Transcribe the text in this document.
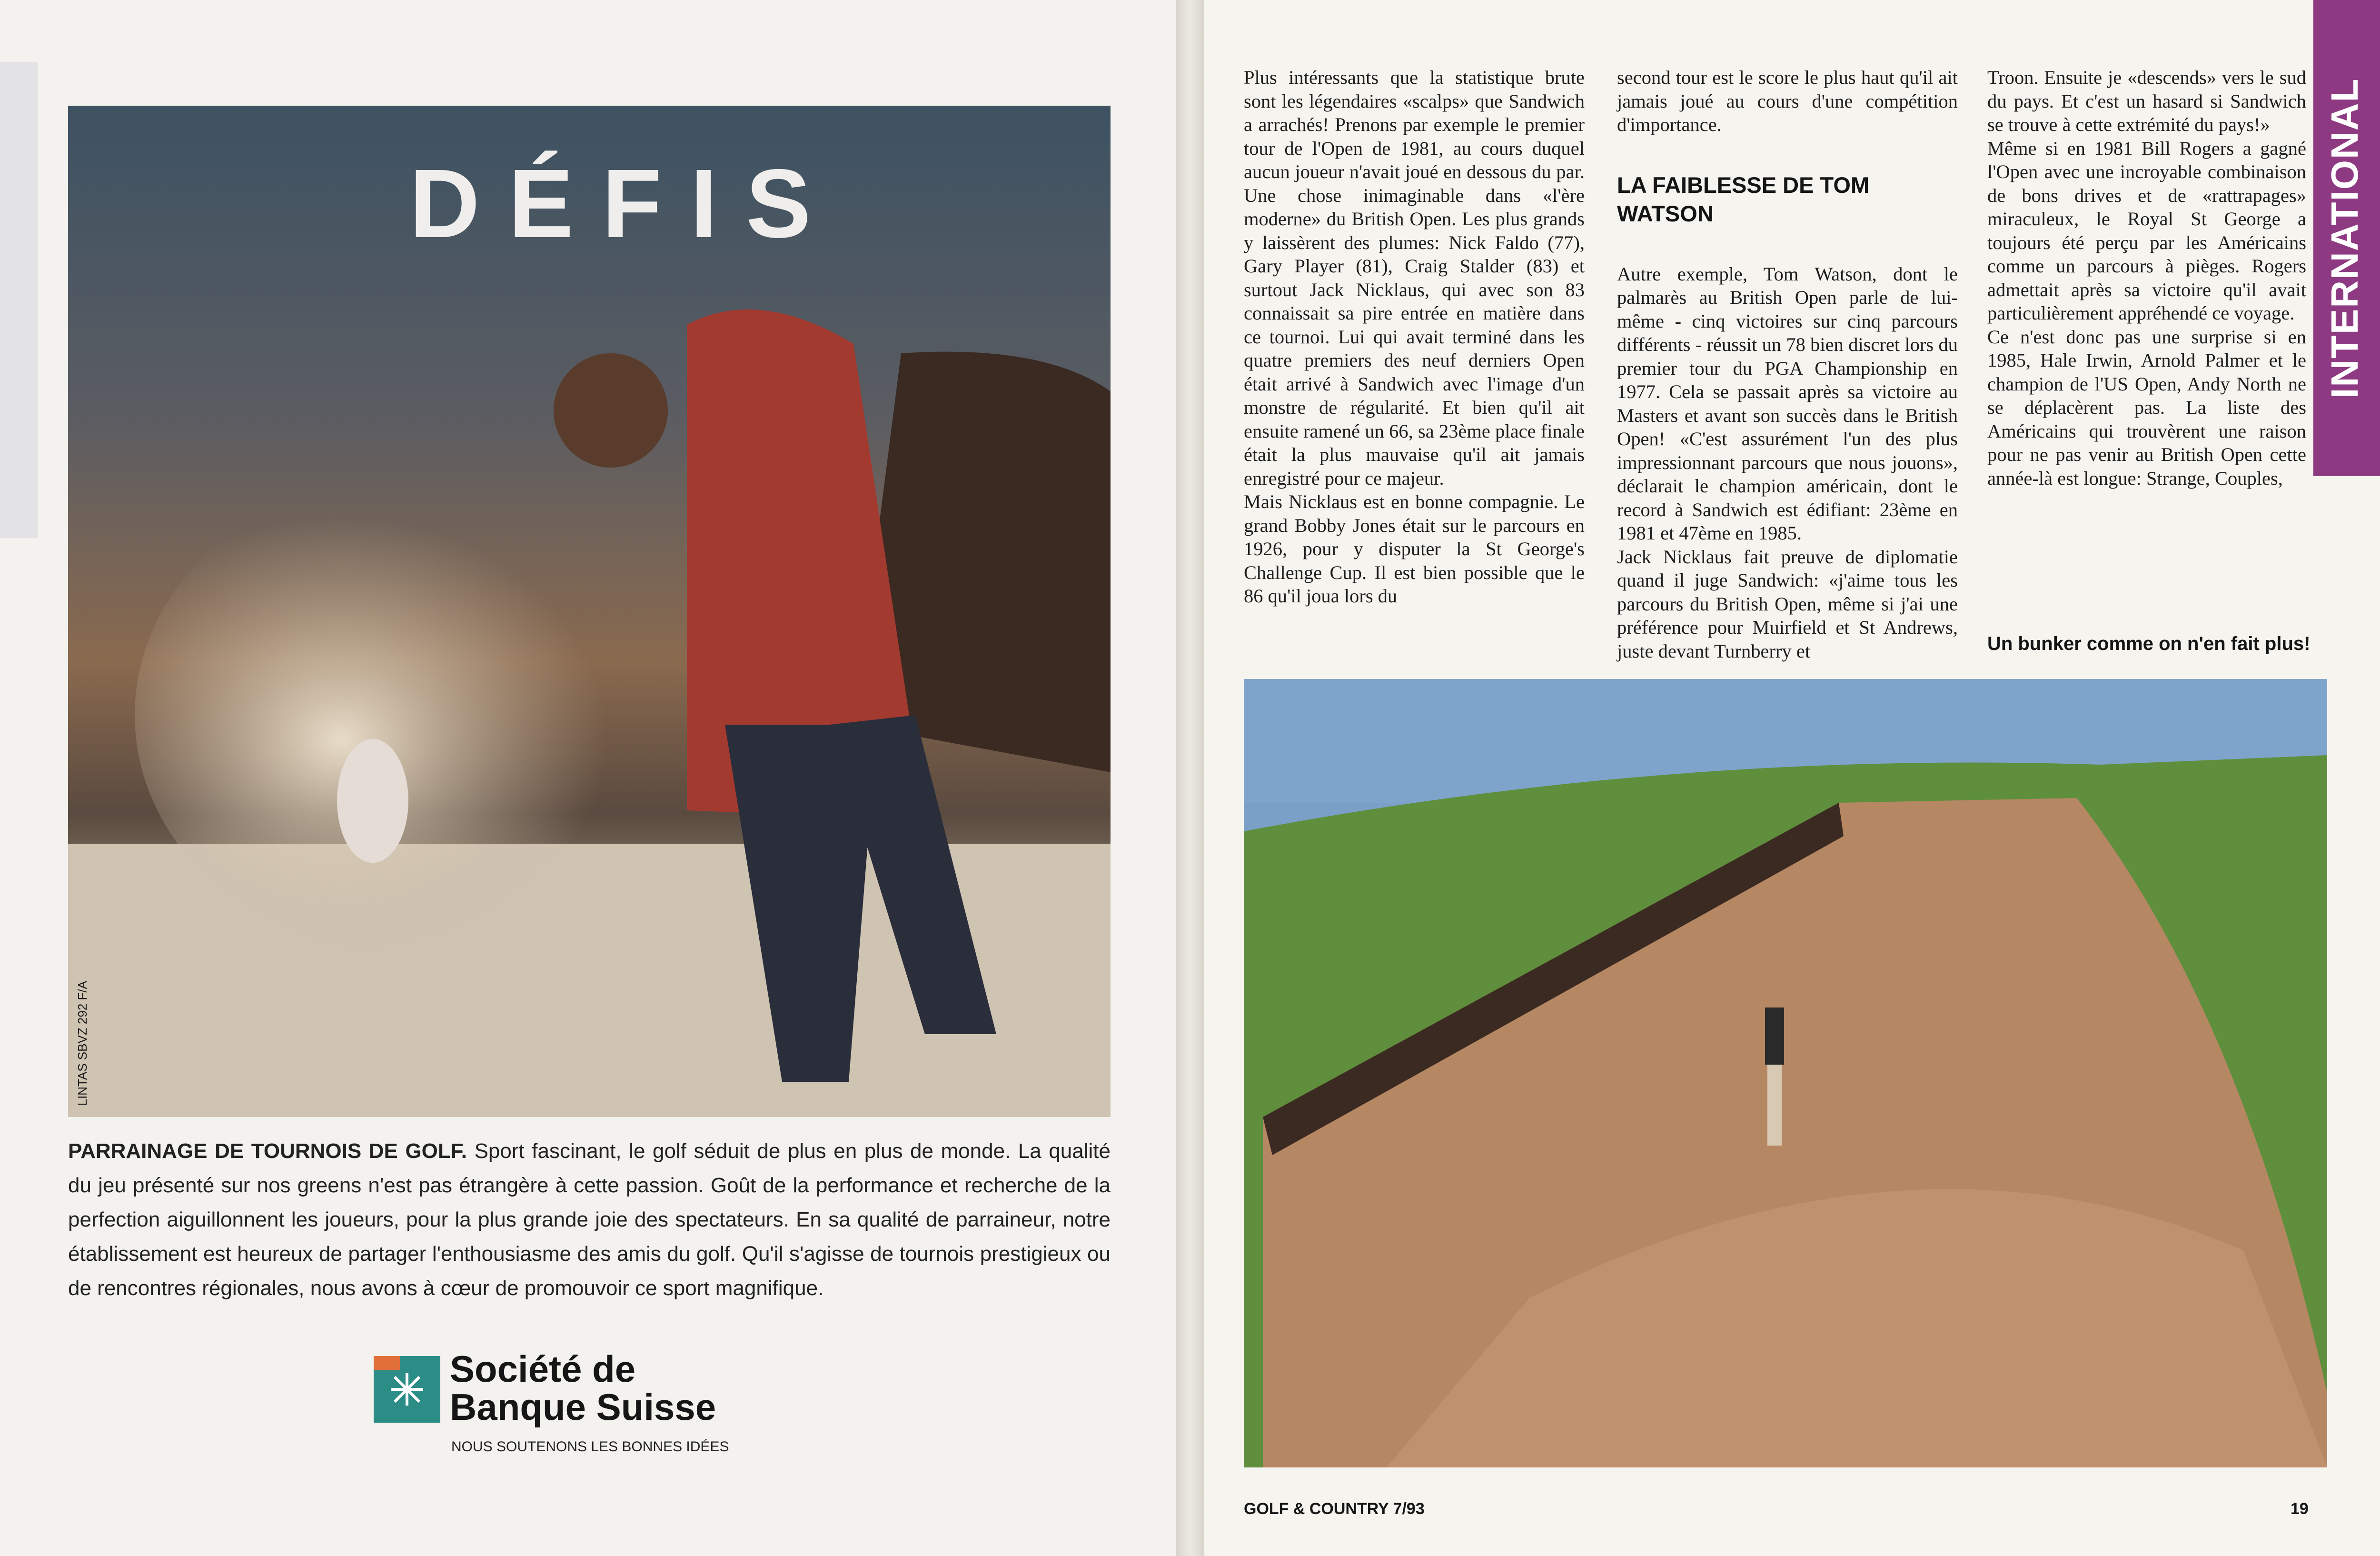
DÉFIS
LINTAS SBVZ 292 F/A
PARRAINAGE DE TOURNOIS DE GOLF. Sport fascinant, le golf séduit de plus en plus de monde. La qualité du jeu présenté sur nos greens n'est pas étrangère à cette passion. Goût de la performance et recherche de la perfection aiguillonnent les joueurs, pour la plus grande joie des spectateurs. En sa qualité de parraineur, notre établissement est heureux de partager l'enthousiasme des amis du golf. Qu'il s'agisse de tournois prestigieux ou de rencontres régionales, nous avons à cœur de promouvoir ce sport magnifique.
Société de
Banque Suisse
NOUS SOUTENONS LES BONNES IDÉES
INTERNATIONAL

Plus intéressants que la statistique brute sont les légendaires «scalps» que Sandwich a arrachés! Prenons par exemple le premier tour de l'Open de 1981, au cours duquel aucun joueur n'avait joué en dessous du par. Une chose inimaginable dans «l'ère moderne» du British Open. Les plus grands y laissèrent des plumes: Nick Faldo (77), Gary Player (81), Craig Stalder (83) et surtout Jack Nicklaus, qui avec son 83 connaissait sa pire entrée en matière dans ce tournoi. Lui qui avait terminé dans les quatre premiers des neuf derniers Open était arrivé à Sandwich avec l'image d'un monstre de régularité. Et bien qu'il ait ensuite ramené un 66, sa 23ème place finale était la plus mauvaise qu'il ait jamais enregistré pour ce majeur.

Mais Nicklaus est en bonne compagnie. Le grand Bobby Jones était sur le parcours en 1926, pour y disputer la St George's Challenge Cup. Il est bien possible que le 86 qu'il joua lors du

second tour est le score le plus haut qu'il ait jamais joué au cours d'une compétition d'importance.

LA FAIBLESSE DE TOM WATSON

Autre exemple, Tom Watson, dont le palmarès au British Open parle de lui-même - cinq victoires sur cinq parcours différents - réussit un 78 bien discret lors du premier tour du PGA Championship en 1977. Cela se passait après sa victoire au Masters et avant son succès dans le British Open! «C'est assurément l'un des plus impressionnant parcours que nous jouons», déclarait le champion américain, dont le record à Sandwich est édifiant: 23ème en 1981 et 47ème en 1985.

Jack Nicklaus fait preuve de diplomatie quand il juge Sandwich: «j'aime tous les parcours du British Open, même si j'ai une préférence pour Muirfield et St Andrews, juste devant Turnberry et

Troon. Ensuite je «descends» vers le sud du pays. Et c'est un hasard si Sandwich se trouve à cette extrémité du pays!»

Même si en 1981 Bill Rogers a gagné l'Open avec une incroyable combinaison de bons drives et de «rattrapages» miraculeux, le Royal St George a toujours été perçu par les Américains comme un parcours à pièges. Rogers admettait après sa victoire qu'il avait particulièrement appréhendé ce voyage.

Ce n'est donc pas une surprise si en 1985, Hale Irwin, Arnold Palmer et le champion de l'US Open, Andy North ne se déplacèrent pas. La liste des Américains qui trouvèrent une raison pour ne pas venir au British Open cette année-là est longue: Strange, Couples,

Un bunker comme on n'en fait plus!
GOLF & COUNTRY 7/93	19
